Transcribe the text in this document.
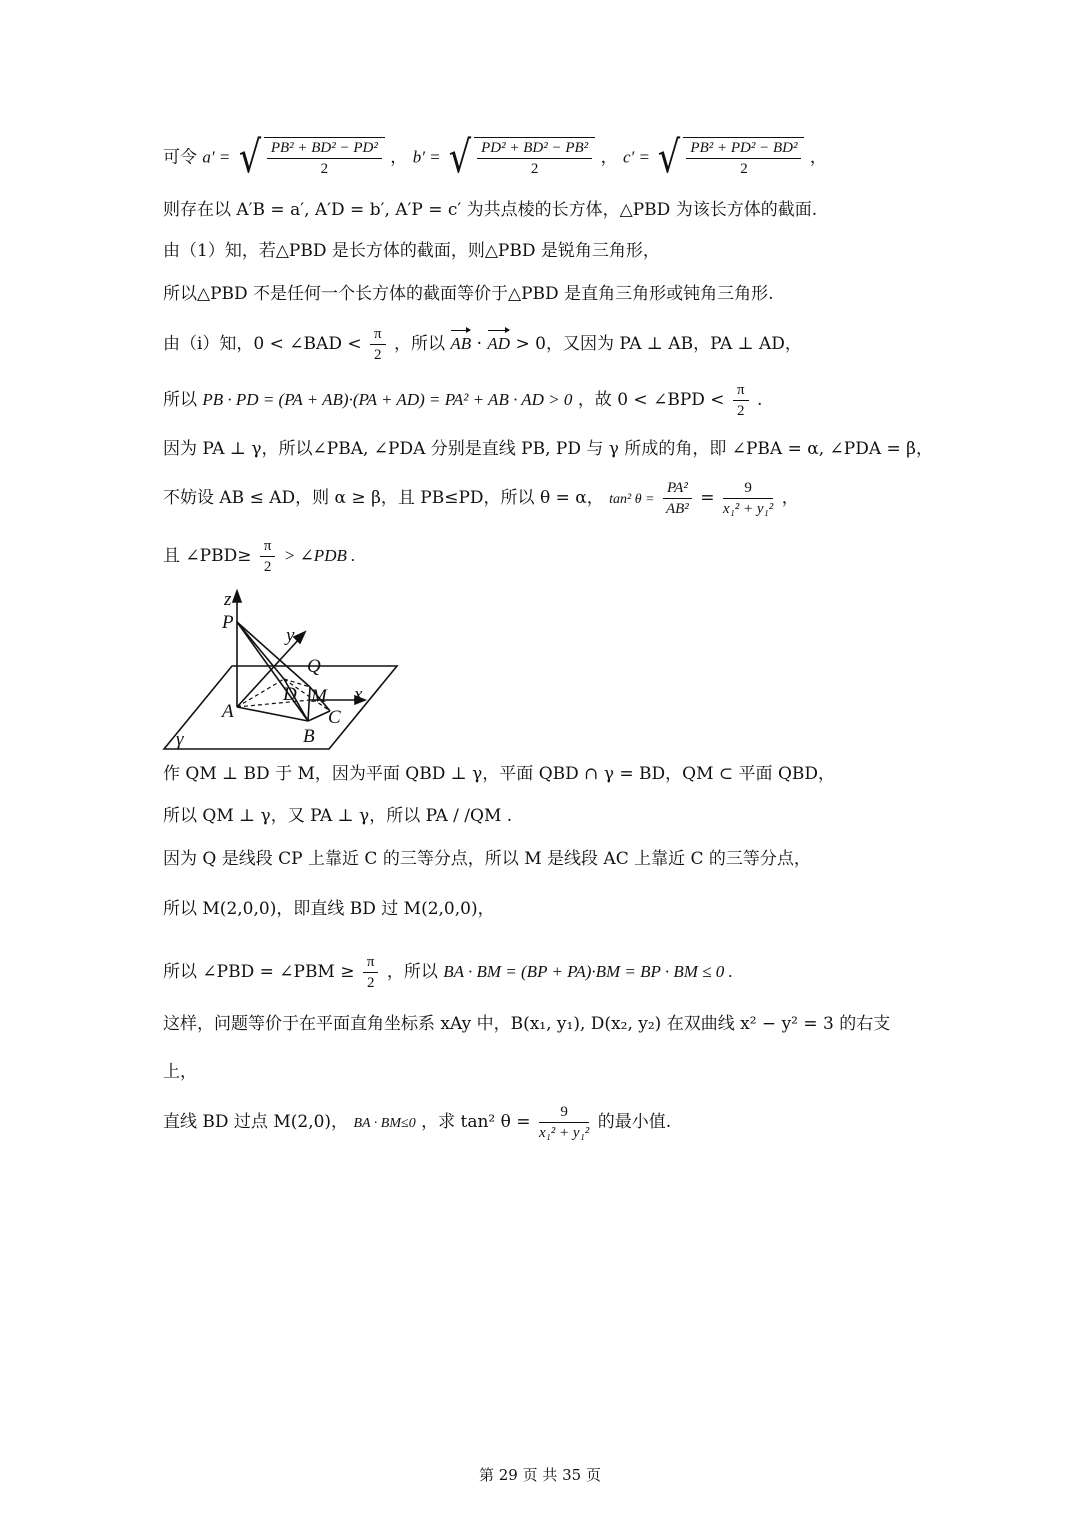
可令 a′ = √ $\frac{\text{PB² + BD² − PD²}}{2}$ ， b′ = √ $\frac{\text{PD² + BD² − PB²}}{2}$ ， c′ = √ $\frac{\text{PB² + PD² − BD²}}{2}$ ，
则存在以 A′B = a′, A′D = b′, A′P = c′ 为共点棱的长方体，△PBD 为该长方体的截面.
由（1）知，若△PBD 是长方体的截面，则△PBD 是锐角三角形，
所以△PBD 不是任何一个长方体的截面等价于△PBD 是直角三角形或钝角三角形.
由（i）知，0 < ∠BAD < $\frac{\pi}{2}$ ，所以 AB · AD > 0，又因为 PA ⊥ AB，PA ⊥ AD，
所以 PB · PD = (PA + AB)·(PA + AD) = PA² + AB · AD > 0 ，故 0 < ∠BPD < $\frac{\pi}{2}$ .
因为 PA ⊥ γ，所以∠PBA, ∠PDA 分别是直线 PB, PD 与 γ 所成的角，即 ∠PBA = α, ∠PDA = β，
不妨设 AB ≤ AD，则 α ≥ β，且 PB≤PD，所以 θ = α， tan² $\theta = \frac{\text{PA²}}{\text{AB²}} = \frac{9}{\text{x₁² + y₁²}}$ ，
且 ∠PBD≥ $\frac{\pi}{2}$ > ∠PDB .
z
P
y
Q
D M x
A	C
B
γ
作 QM ⊥ BD 于 M，因为平面 QBD ⊥ γ，平面 QBD ∩ γ = BD，QM ⊂ 平面 QBD，
所以 QM ⊥ γ，又 PA ⊥ γ，所以 PA / /QM .
因为 Q 是线段 CP 上靠近 C 的三等分点，所以 M 是线段 AC 上靠近 C 的三等分点，
所以 M(2,0,0)，即直线 BD 过 M(2,0,0)，
所以 ∠PBD = ∠PBM ≥ $\frac{\pi}{2}$ ，所以 BA · BM = (BP + PA)·BM = BP · BM ≤ 0 .
这样，问题等价于在平面直角坐标系 xAy 中，B(x₁, y₁), D(x₂, y₂) 在双曲线 x² − y² = 3 的右支
上，
直线 BD 过点 M(2,0)， BA · BM≤0 ，求 tan² $\theta = \frac{9}{\text{x₁² + y₁²}}$ 的最小值.
第 29 页 共 35 页
